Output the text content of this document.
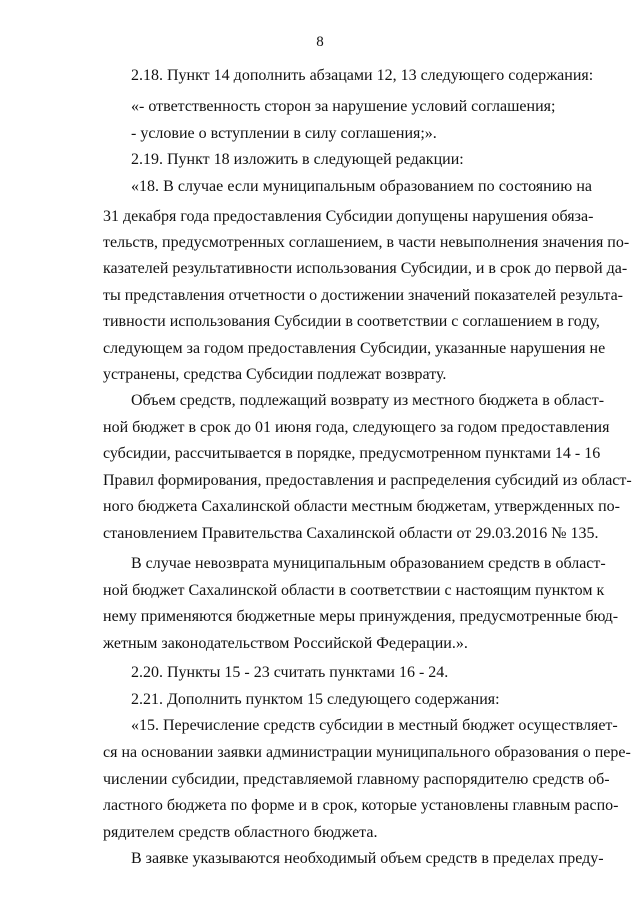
8
2.18. Пункт 14 дополнить абзацами 12, 13 следующего содержания:
«- ответственность сторон за нарушение условий соглашения;
- условие о вступлении в силу соглашения;».
2.19. Пункт 18 изложить в следующей редакции:
«18. В случае если муниципальным образованием по состоянию на
31 декабря года предоставления Субсидии допущены нарушения обяза-
тельств, предусмотренных соглашением, в части невыполнения значения по-
казателей результативности использования Субсидии, и в срок до первой да-
ты представления отчетности о достижении значений показателей результа-
тивности использования Субсидии в соответствии с соглашением в году,
следующем за годом предоставления Субсидии, указанные нарушения не
устранены, средства Субсидии подлежат возврату.
Объем средств, подлежащий возврату из местного бюджета в област-
ной бюджет в срок до 01 июня года, следующего за годом предоставления
субсидии, рассчитывается в порядке, предусмотренном пунктами 14 - 16
Правил формирования, предоставления и распределения субсидий из област-
ного бюджета Сахалинской области местным бюджетам, утвержденных по-
становлением Правительства Сахалинской области от 29.03.2016 № 135.
В случае невозврата муниципальным образованием средств в област-
ной бюджет Сахалинской области в соответствии с настоящим пунктом к
нему применяются бюджетные меры принуждения, предусмотренные бюд-
жетным законодательством Российской Федерации.».
2.20. Пункты 15 - 23 считать пунктами 16 - 24.
2.21. Дополнить пунктом 15 следующего содержания:
«15. Перечисление средств субсидии в местный бюджет осуществляет-
ся на основании заявки администрации муниципального образования о пере-
числении субсидии, представляемой главному распорядителю средств об-
ластного бюджета по форме и в срок, которые установлены главным распо-
рядителем средств областного бюджета.
В заявке указываются необходимый объем средств в пределах преду-
